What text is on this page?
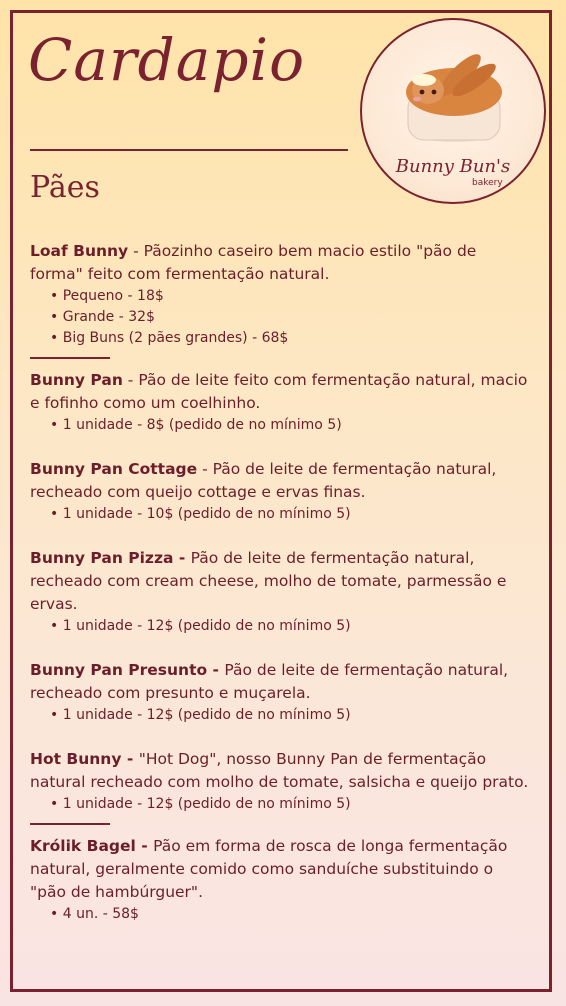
Cardapio
Pães
Bunny Bun's
bakery

Loaf Bunny - Pãozinho caseiro bem macio estilo "pão de forma" feito com fermentação natural.

• Pequeno - 18$
• Grande - 32$
• Big Buns (2 pães grandes) - 68$

Bunny Pan - Pão de leite feito com fermentação natural, macio e fofinho como um coelhinho.

• 1 unidade - 8$ (pedido de no mínimo 5)

Bunny Pan Cottage - Pão de leite de fermentação natural, recheado com queijo cottage e ervas finas.

• 1 unidade - 10$ (pedido de no mínimo 5)

Bunny Pan Pizza - Pão de leite de fermentação natural, recheado com cream cheese, molho de tomate, parmessão e ervas.

• 1 unidade - 12$ (pedido de no mínimo 5)

Bunny Pan Presunto - Pão de leite de fermentação natural, recheado com presunto e muçarela.

• 1 unidade - 12$ (pedido de no mínimo 5)

Hot Bunny - "Hot Dog", nosso Bunny Pan de fermentação natural recheado com molho de tomate, salsicha e queijo prato.

• 1 unidade - 12$ (pedido de no mínimo 5)

Królik Bagel - Pão em forma de rosca de longa fermentação natural, geralmente comido como sanduíche substituindo o "pão de hambúrguer".

• 4 un. - 58$
